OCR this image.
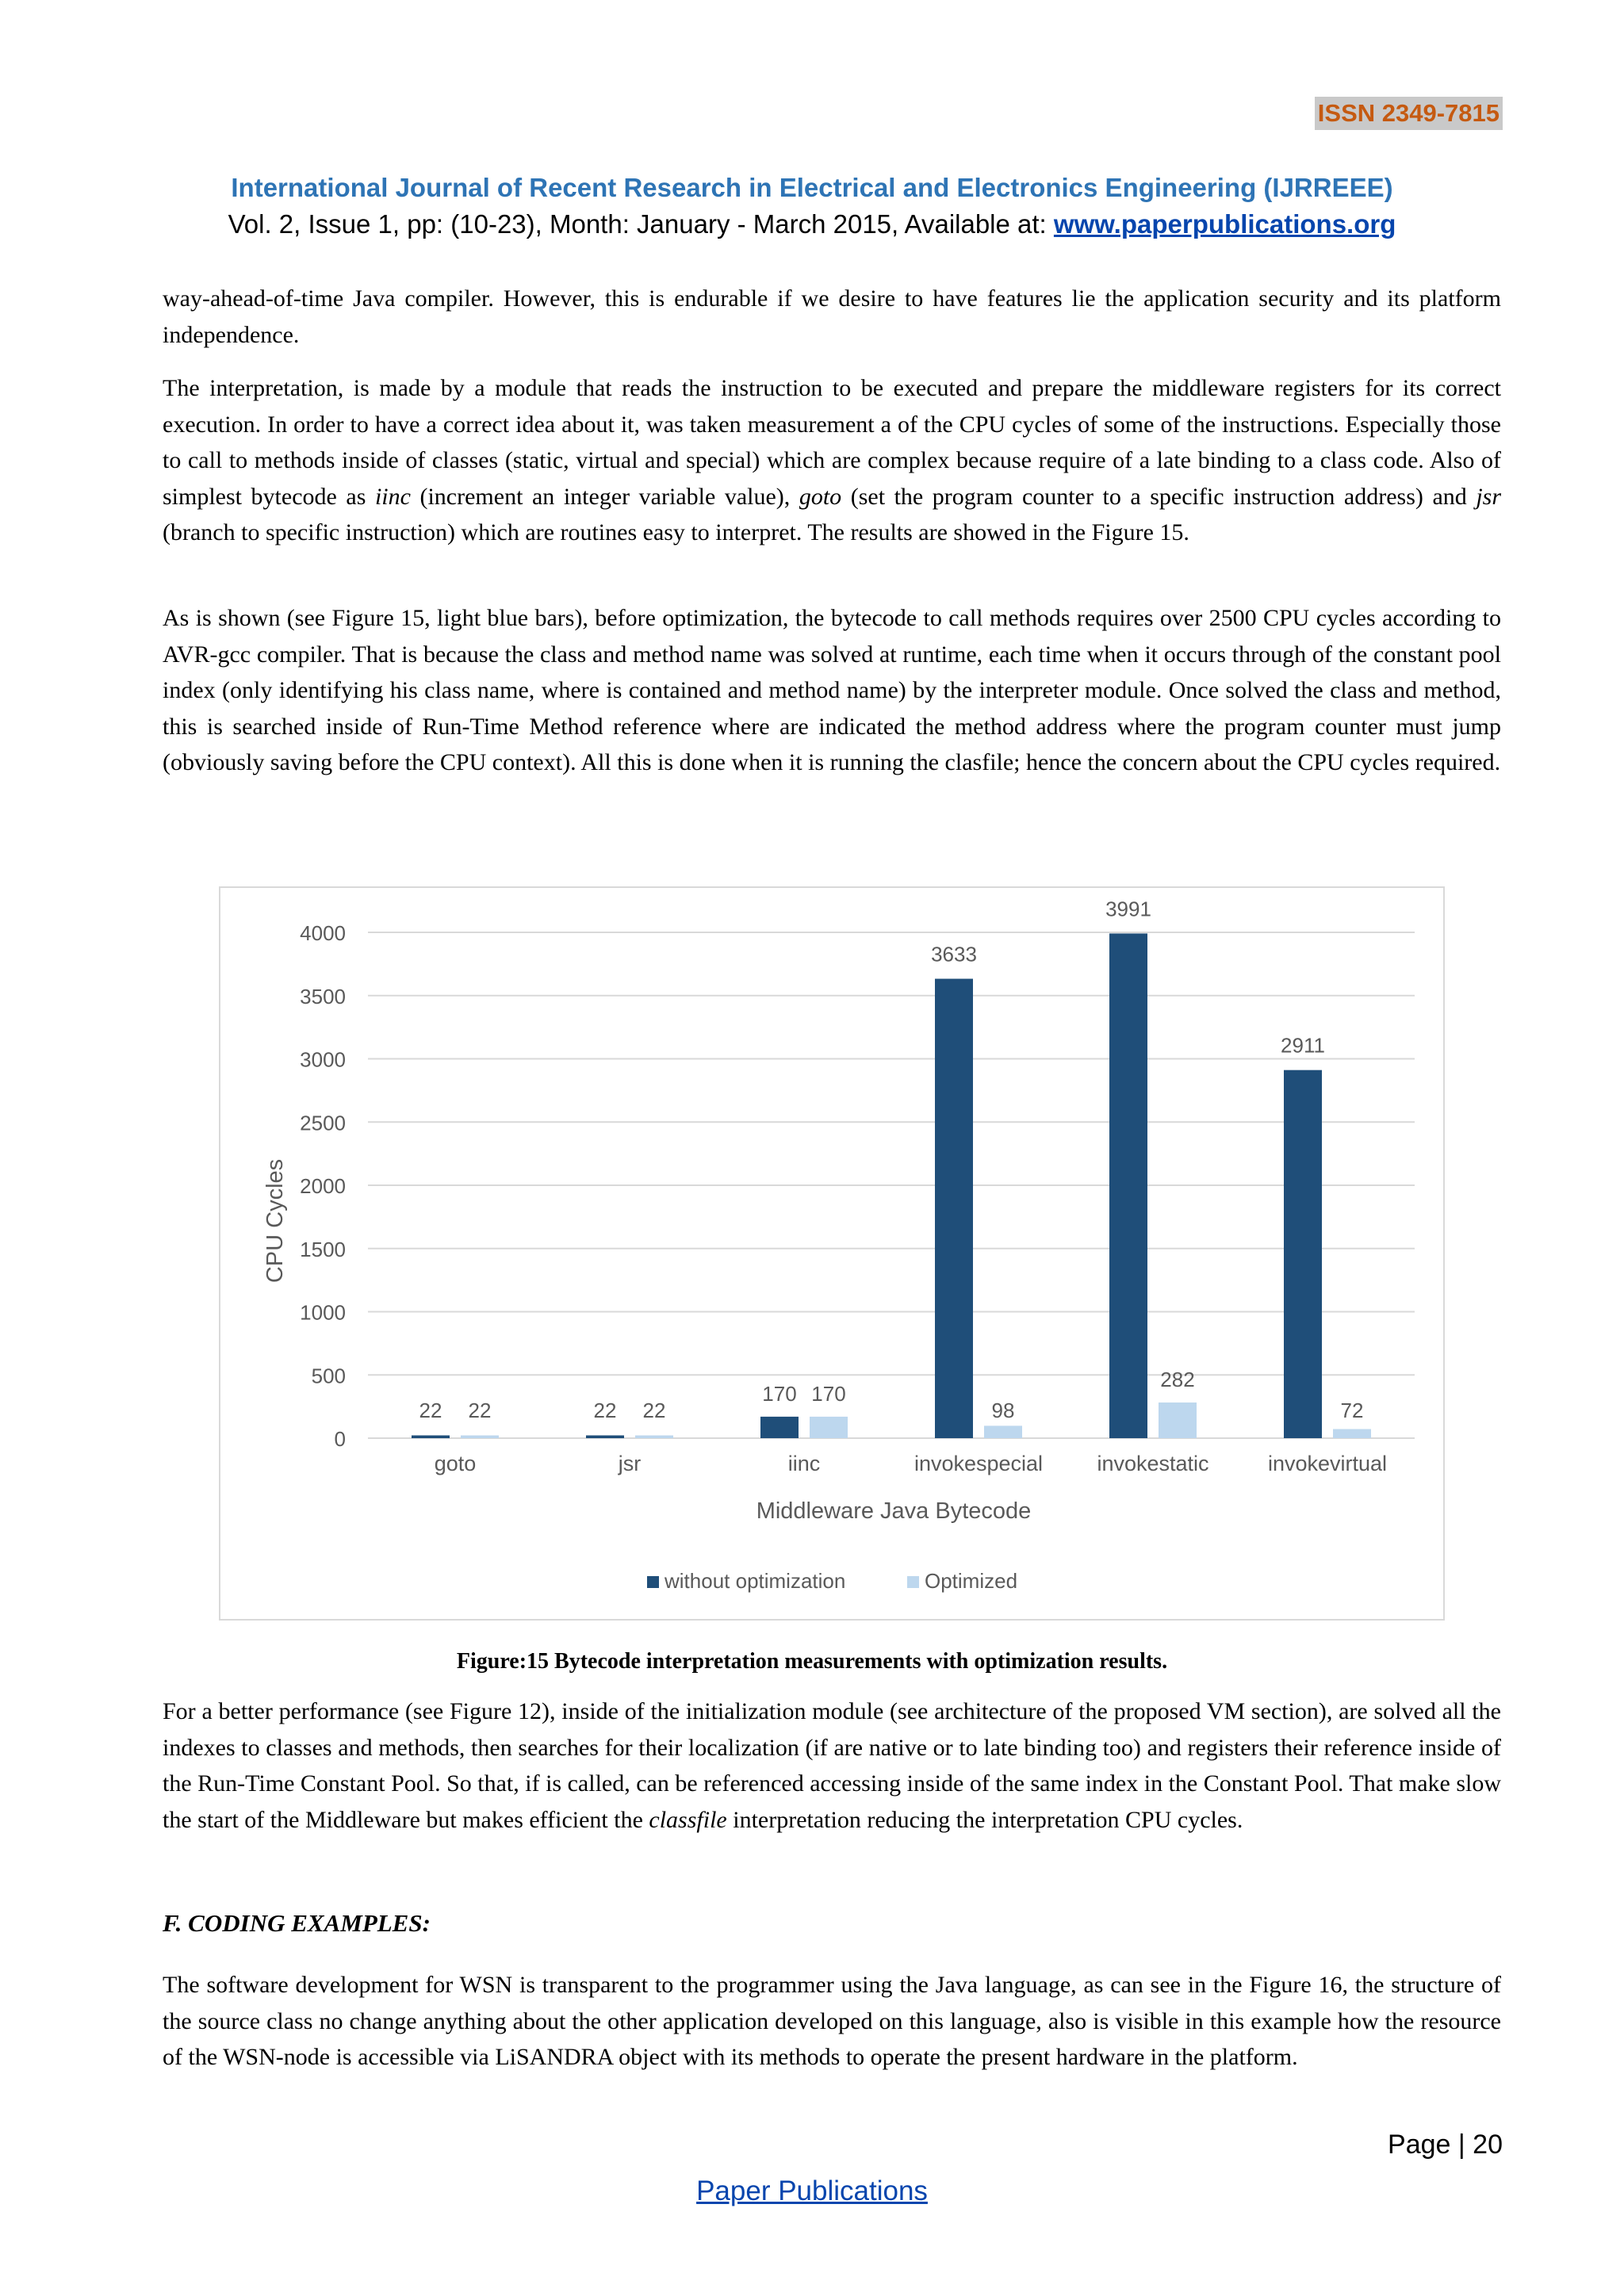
ISSN 2349-7815
International Journal of Recent Research in Electrical and Electronics Engineering (IJRREEE)
Vol. 2, Issue 1, pp: (10-23), Month: January - March 2015, Available at: www.paperpublications.org

way-ahead-of-time Java compiler. However, this is endurable if we desire to have features lie the application security and its platform independence.

The interpretation, is made by a module that reads the instruction to be executed and prepare the middleware registers for its correct execution. In order to have a correct idea about it, was taken measurement a of the CPU cycles of some of the instructions. Especially those to call to methods inside of classes (static, virtual and special) which are complex because require of a late binding to a class code. Also of simplest bytecode as iinc (increment an integer variable value), goto (set the program counter to a specific instruction address) and jsr (branch to specific instruction) which are routines easy to interpret. The results are showed in the Figure 15.

As is shown (see Figure 15, light blue bars), before optimization, the bytecode to call methods requires over 2500 CPU cycles according to AVR-gcc compiler. That is because the class and method name was solved at runtime, each time when it occurs through of the constant pool index (only identifying his class name, where is contained and method name) by the interpreter module. Once solved the class and method, this is searched inside of Run-Time Method reference where are indicated the method address where the program counter must jump (obviously saving before the CPU context). All this is done when it is running the clasfile; hence the concern about the CPU cycles required.

0
500
1000
1500
2000
2500
3000
3500
4000
goto
22 22
jsr
22 22
iinc
170 170
invokespecial
3633
98
invokestatic
3991
282
invokevirtual
2911
72
CPU Cycles
Middleware Java Bytecode
without optimization	Optimized
Figure:15 Bytecode interpretation measurements with optimization results.

For a better performance (see Figure 12), inside of the initialization module (see architecture of the proposed VM section), are solved all the indexes to classes and methods, then searches for their localization (if are native or to late binding too) and registers their reference inside of the Run-Time Constant Pool. So that, if is called, can be referenced accessing inside of the same index in the Constant Pool. That make slow the start of the Middleware but makes efficient the classfile interpretation reducing the interpretation CPU cycles.

F. CODING EXAMPLES:

The software development for WSN is transparent to the programmer using the Java language, as can see in the Figure 16, the structure of the source class no change anything about the other application developed on this language, also is visible in this example how the resource of the WSN-node is accessible via LiSANDRA object with its methods to operate the present hardware in the platform.

Page | 20
Paper Publications
